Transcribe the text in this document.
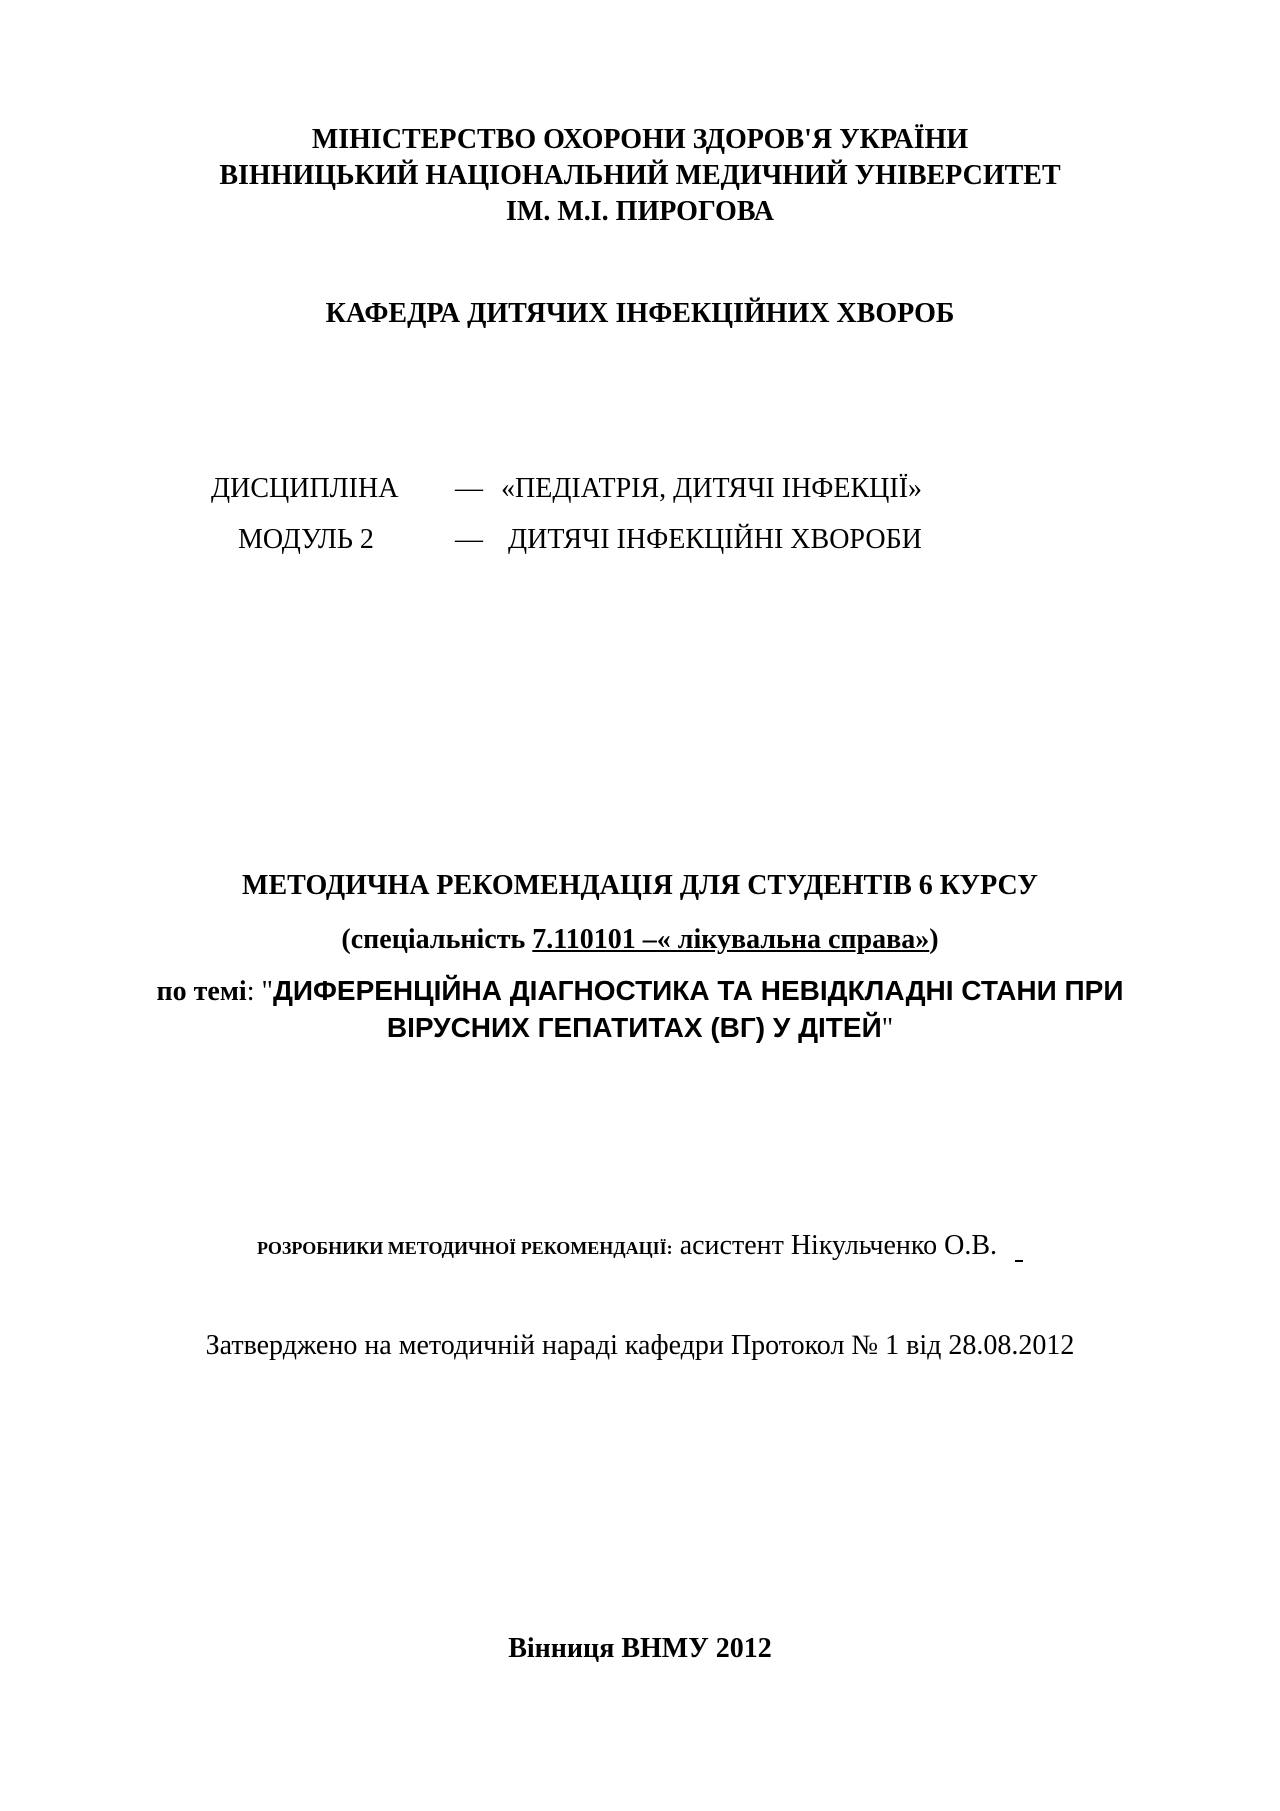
МІНІСТЕРСТВО ОХОРОНИ ЗДОРОВ'Я УКРАЇНИ
ВІННИЦЬКИЙ НАЦІОНАЛЬНИЙ МЕДИЧНИЙ УНІВЕРСИТЕТ
ІМ. М.І. ПИРОГОВА
КАФЕДРА ДИТЯЧИХ ІНФЕКЦІЙНИХ ХВОРОБ
ДИСЦИПЛІНА — «ПЕДІАТРІЯ, ДИТЯЧІ ІНФЕКЦІЇ»
МОДУЛЬ 2	— ДИТЯЧІ ІНФЕКЦІЙНІ ХВОРОБИ
МЕТОДИЧНА РЕКОМЕНДАЦІЯ ДЛЯ СТУДЕНТІВ 6 КУРСУ
(спеціальність 7.110101 –« лікувальна справа»)
по темі: "ДИФЕРЕНЦІЙНА ДІАГНОСТИКА ТА НЕВІДКЛАДНІ СТАНИ ПРИ
ВІРУСНИХ ГЕПАТИТАХ (ВГ) У ДІТЕЙ"
РОЗРОБНИКИ МЕТОДИЧНОЇ РЕКОМЕНДАЦІЇ: асистент Нікульченко О.В.
Затверджено на методичній нараді кафедри Протокол № 1 від 28.08.2012
Вінниця ВНМУ 2012
